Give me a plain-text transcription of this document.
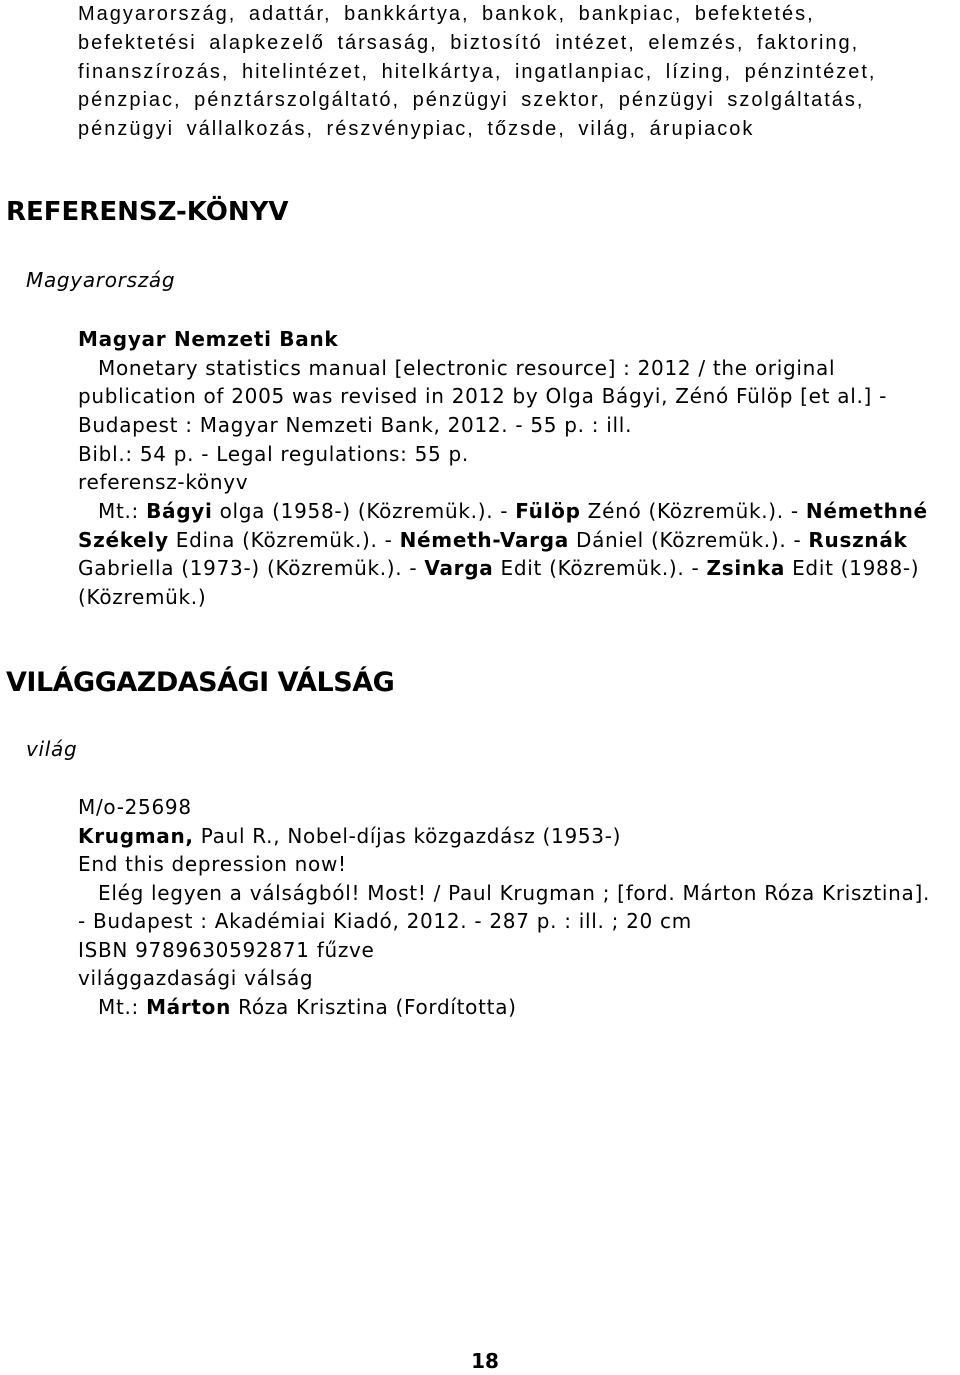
Magyarország, adattár, bankkártya, bankok, bankpiac, befektetés,
befektetési alapkezelő társaság, biztosító intézet, elemzés, faktoring,
finanszírozás, hitelintézet, hitelkártya, ingatlanpiac, lízing, pénzintézet,
pénzpiac, pénztárszolgáltató, pénzügyi szektor, pénzügyi szolgáltatás,
pénzügyi vállalkozás, részvénypiac, tőzsde, világ, árupiacok
REFERENSZ-KÖNYV
Magyarország
Magyar Nemzeti Bank
Monetary statistics manual [electronic resource] : 2012 / the original
publication of 2005 was revised in 2012 by Olga Bágyi, Zénó Fülöp [et al.] -
Budapest : Magyar Nemzeti Bank, 2012. - 55 p. : ill.
Bibl.: 54 p. - Legal regulations: 55 p.
referensz-könyv
Mt.: Bágyi olga (1958-) (Közremük.). - Fülöp Zénó (Közremük.). - Némethné
Székely Edina (Közremük.). - Németh-Varga Dániel (Közremük.). - Rusznák
Gabriella (1973-) (Közremük.). - Varga Edit (Közremük.). - Zsinka Edit (1988-)
(Közremük.)
VILÁGGAZDASÁGI VÁLSÁG
világ
M/o-25698
Krugman, Paul R., Nobel-díjas közgazdász (1953-)
End this depression now!
Elég legyen a válságból! Most! / Paul Krugman ; [ford. Márton Róza Krisztina].
- Budapest : Akadémiai Kiadó, 2012. - 287 p. : ill. ; 20 cm
ISBN 9789630592871 fűzve
világgazdasági válság
Mt.: Márton Róza Krisztina (Fordította)
18
